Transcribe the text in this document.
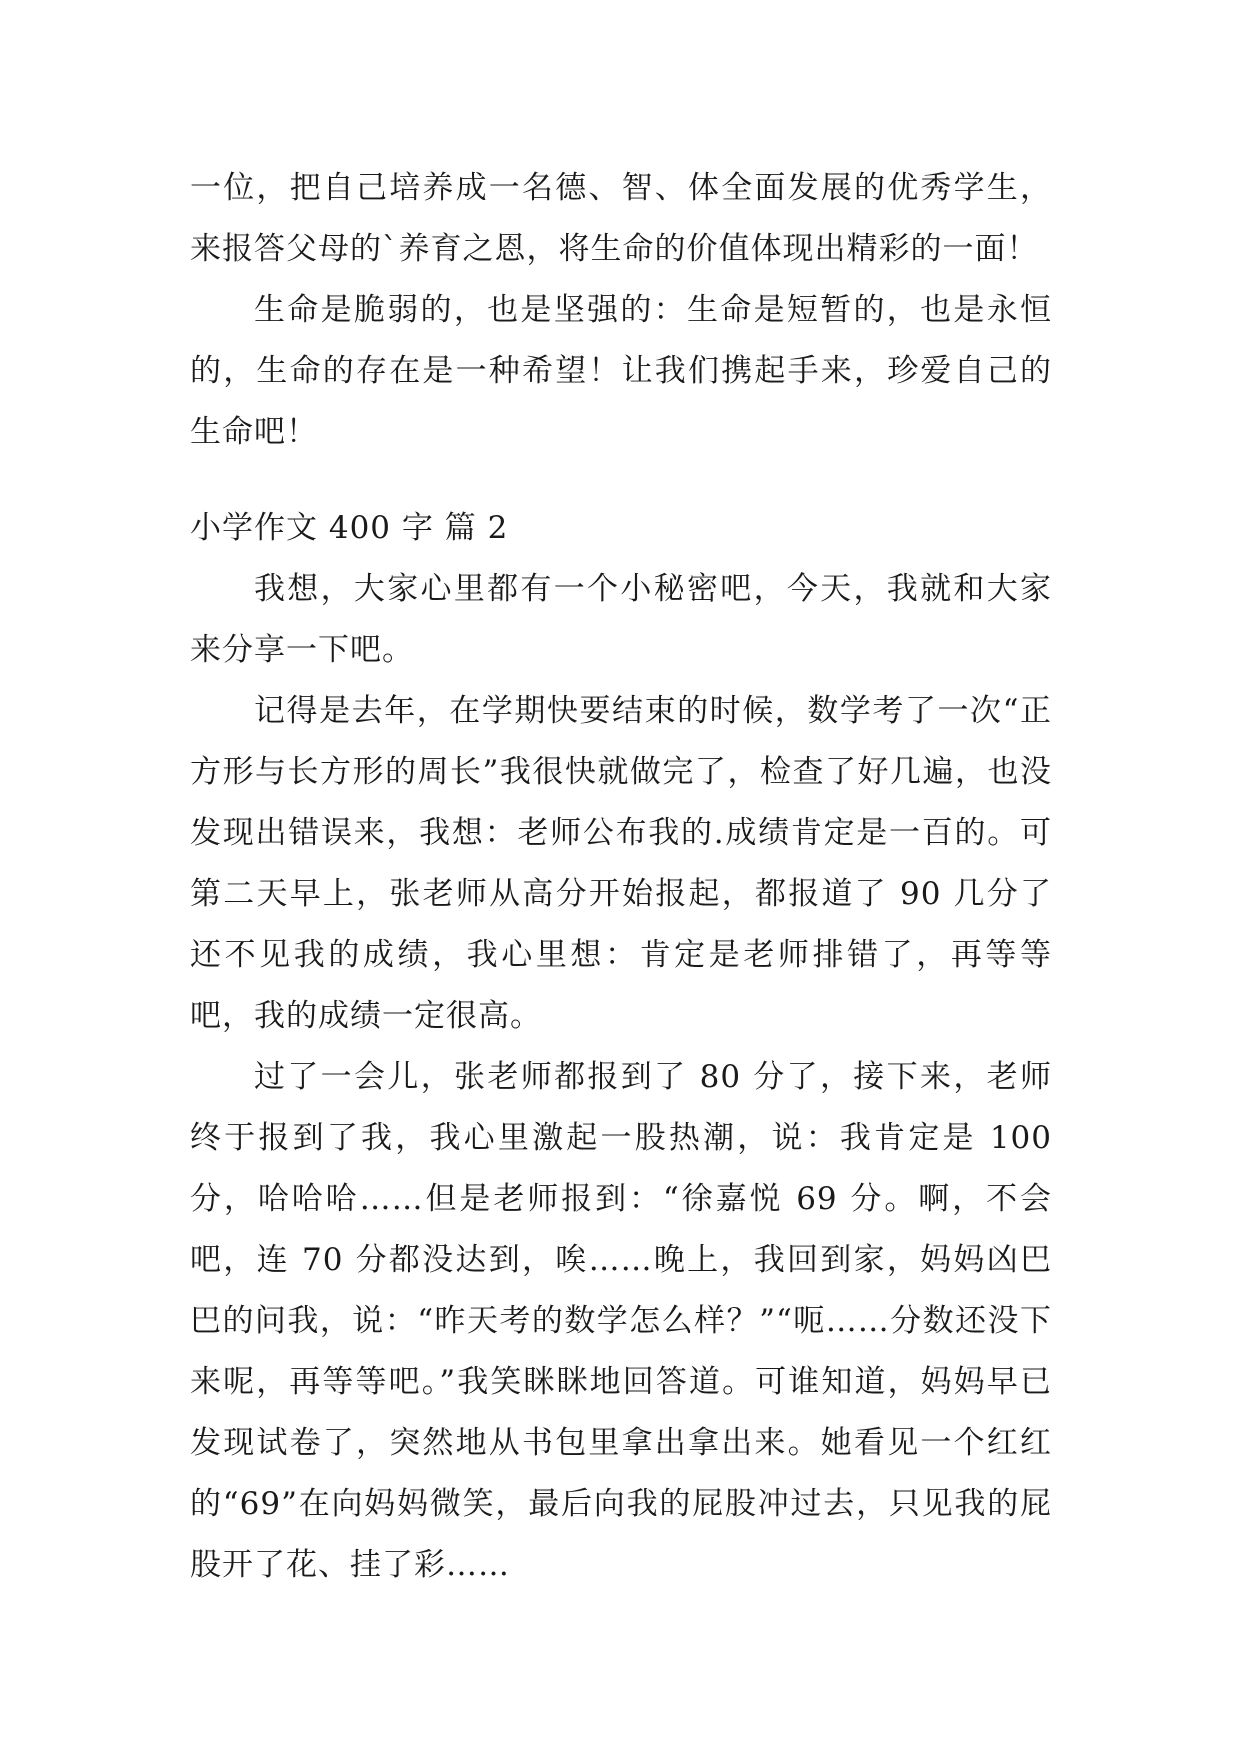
一位，把自己培养成一名德、智、体全面发展的优秀学生，来报答父母的`养育之恩，将生命的价值体现出精彩的一面！

生命是脆弱的，也是坚强的：生命是短暂的，也是永恒的，生命的存在是一种希望！让我们携起手来，珍爱自己的生命吧！

小学作文 400 字 篇 2

我想，大家心里都有一个小秘密吧，今天，我就和大家来分享一下吧。

记得是去年，在学期快要结束的时候，数学考了一次“正方形与长方形的周长”我很快就做完了，检查了好几遍，也没发现出错误来，我想：老师公布我的.成绩肯定是一百的。可第二天早上，张老师从高分开始报起，都报道了 90 几分了还不见我的成绩，我心里想：肯定是老师排错了，再等等吧，我的成绩一定很高。

过了一会儿，张老师都报到了 80 分了，接下来，老师终于报到了我，我心里激起一股热潮，说：我肯定是 100 分，哈哈哈……但是老师报到：“徐嘉悦 69 分。啊，不会吧，连 70 分都没达到，唉……晚上，我回到家，妈妈凶巴巴的问我，说：“昨天考的数学怎么样？”“呃……分数还没下来呢，再等等吧。”我笑眯眯地回答道。可谁知道，妈妈早已发现试卷了，突然地从书包里拿出拿出来。她看见一个红红的“69”在向妈妈微笑，最后向我的屁股冲过去，只见我的屁股开了花、挂了彩……
